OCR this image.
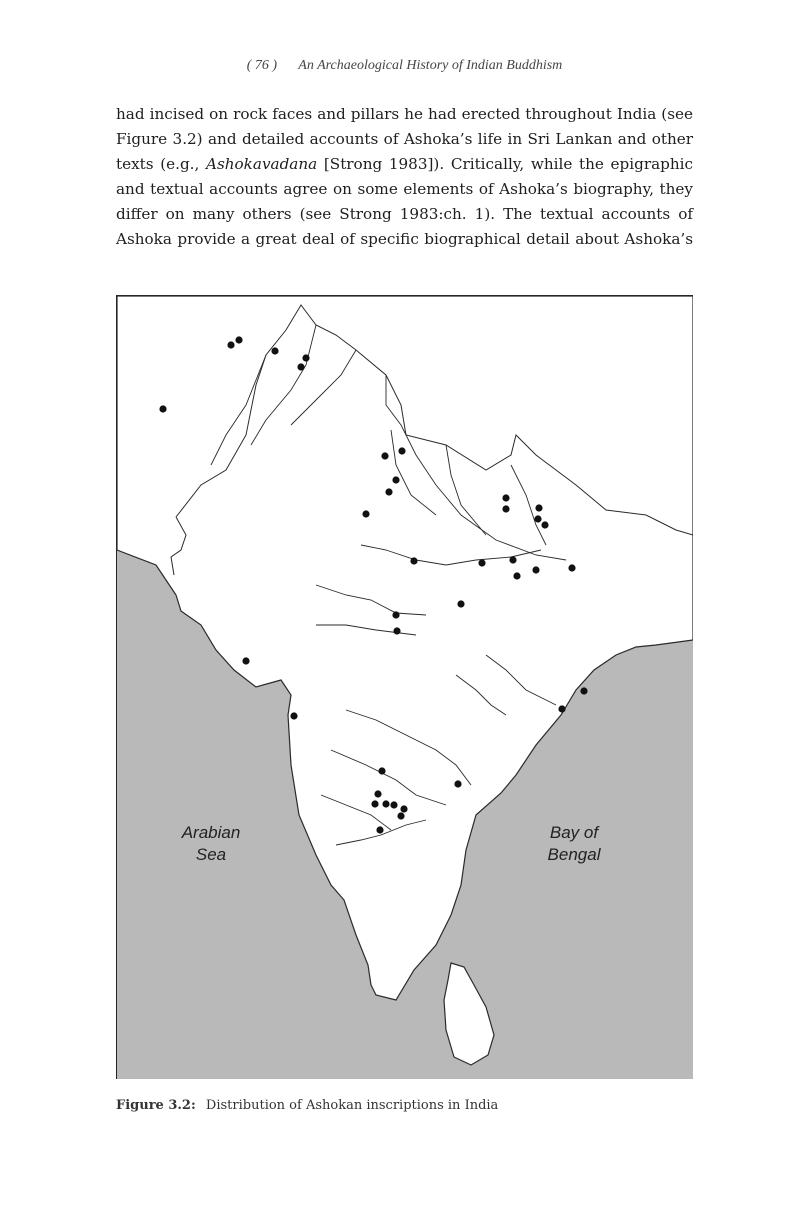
( 76 ) An Archaeological History of Indian Buddhism
had incised on rock faces and pillars he had erected throughout India (see
Figure 3.2) and detailed accounts of Ashoka’s life in Sri Lankan and other
texts (e.g., Ashokavadana [Strong 1983]). Critically, while the epigraphic
and textual accounts agree on some elements of Ashoka’s biography, they
differ on many others (see Strong 1983:ch. 1). The textual accounts of
Ashoka provide a great deal of specific biographical detail about Ashoka’s
Arabian
Sea
Bay of
Bengal
Figure 3.2: Distribution of Ashokan inscriptions in India
